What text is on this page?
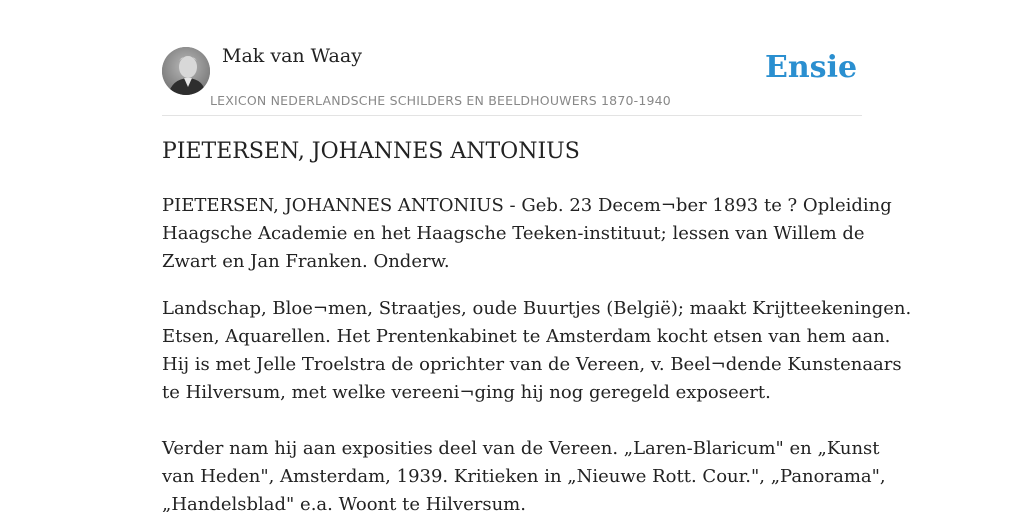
Mak van Waay
LEXICON NEDERLANDSCHE SCHILDERS EN BEELDHOUWERS 1870-1940
Ensie
PIETERSEN, JOHANNES ANTONIUS
PIETERSEN, JOHANNES ANTONIUS - Geb. 23 Decem¬ber 1893 te ? Opleiding
Haagsche Academie en het Haagsche Teeken-instituut; lessen van Willem de
Zwart en Jan Franken. Onderw.
Landschap, Bloe¬men, Straatjes, oude Buurtjes (België); maakt Krijtteekeningen.
Etsen, Aquarellen. Het Prentenkabinet te Amsterdam kocht etsen van hem aan.
Hij is met Jelle Troelstra de oprichter van de Vereen, v. Beel¬dende Kunstenaars
te Hilversum, met welke vereeni¬ging hij nog geregeld exposeert.
Verder nam hij aan exposities deel van de Vereen. „Laren-Blaricum" en „Kunst
van Heden", Amsterdam, 1939. Kritieken in „Nieuwe Rott. Cour.", „Panorama",
„Handelsblad" e.a. Woont te Hilversum.
